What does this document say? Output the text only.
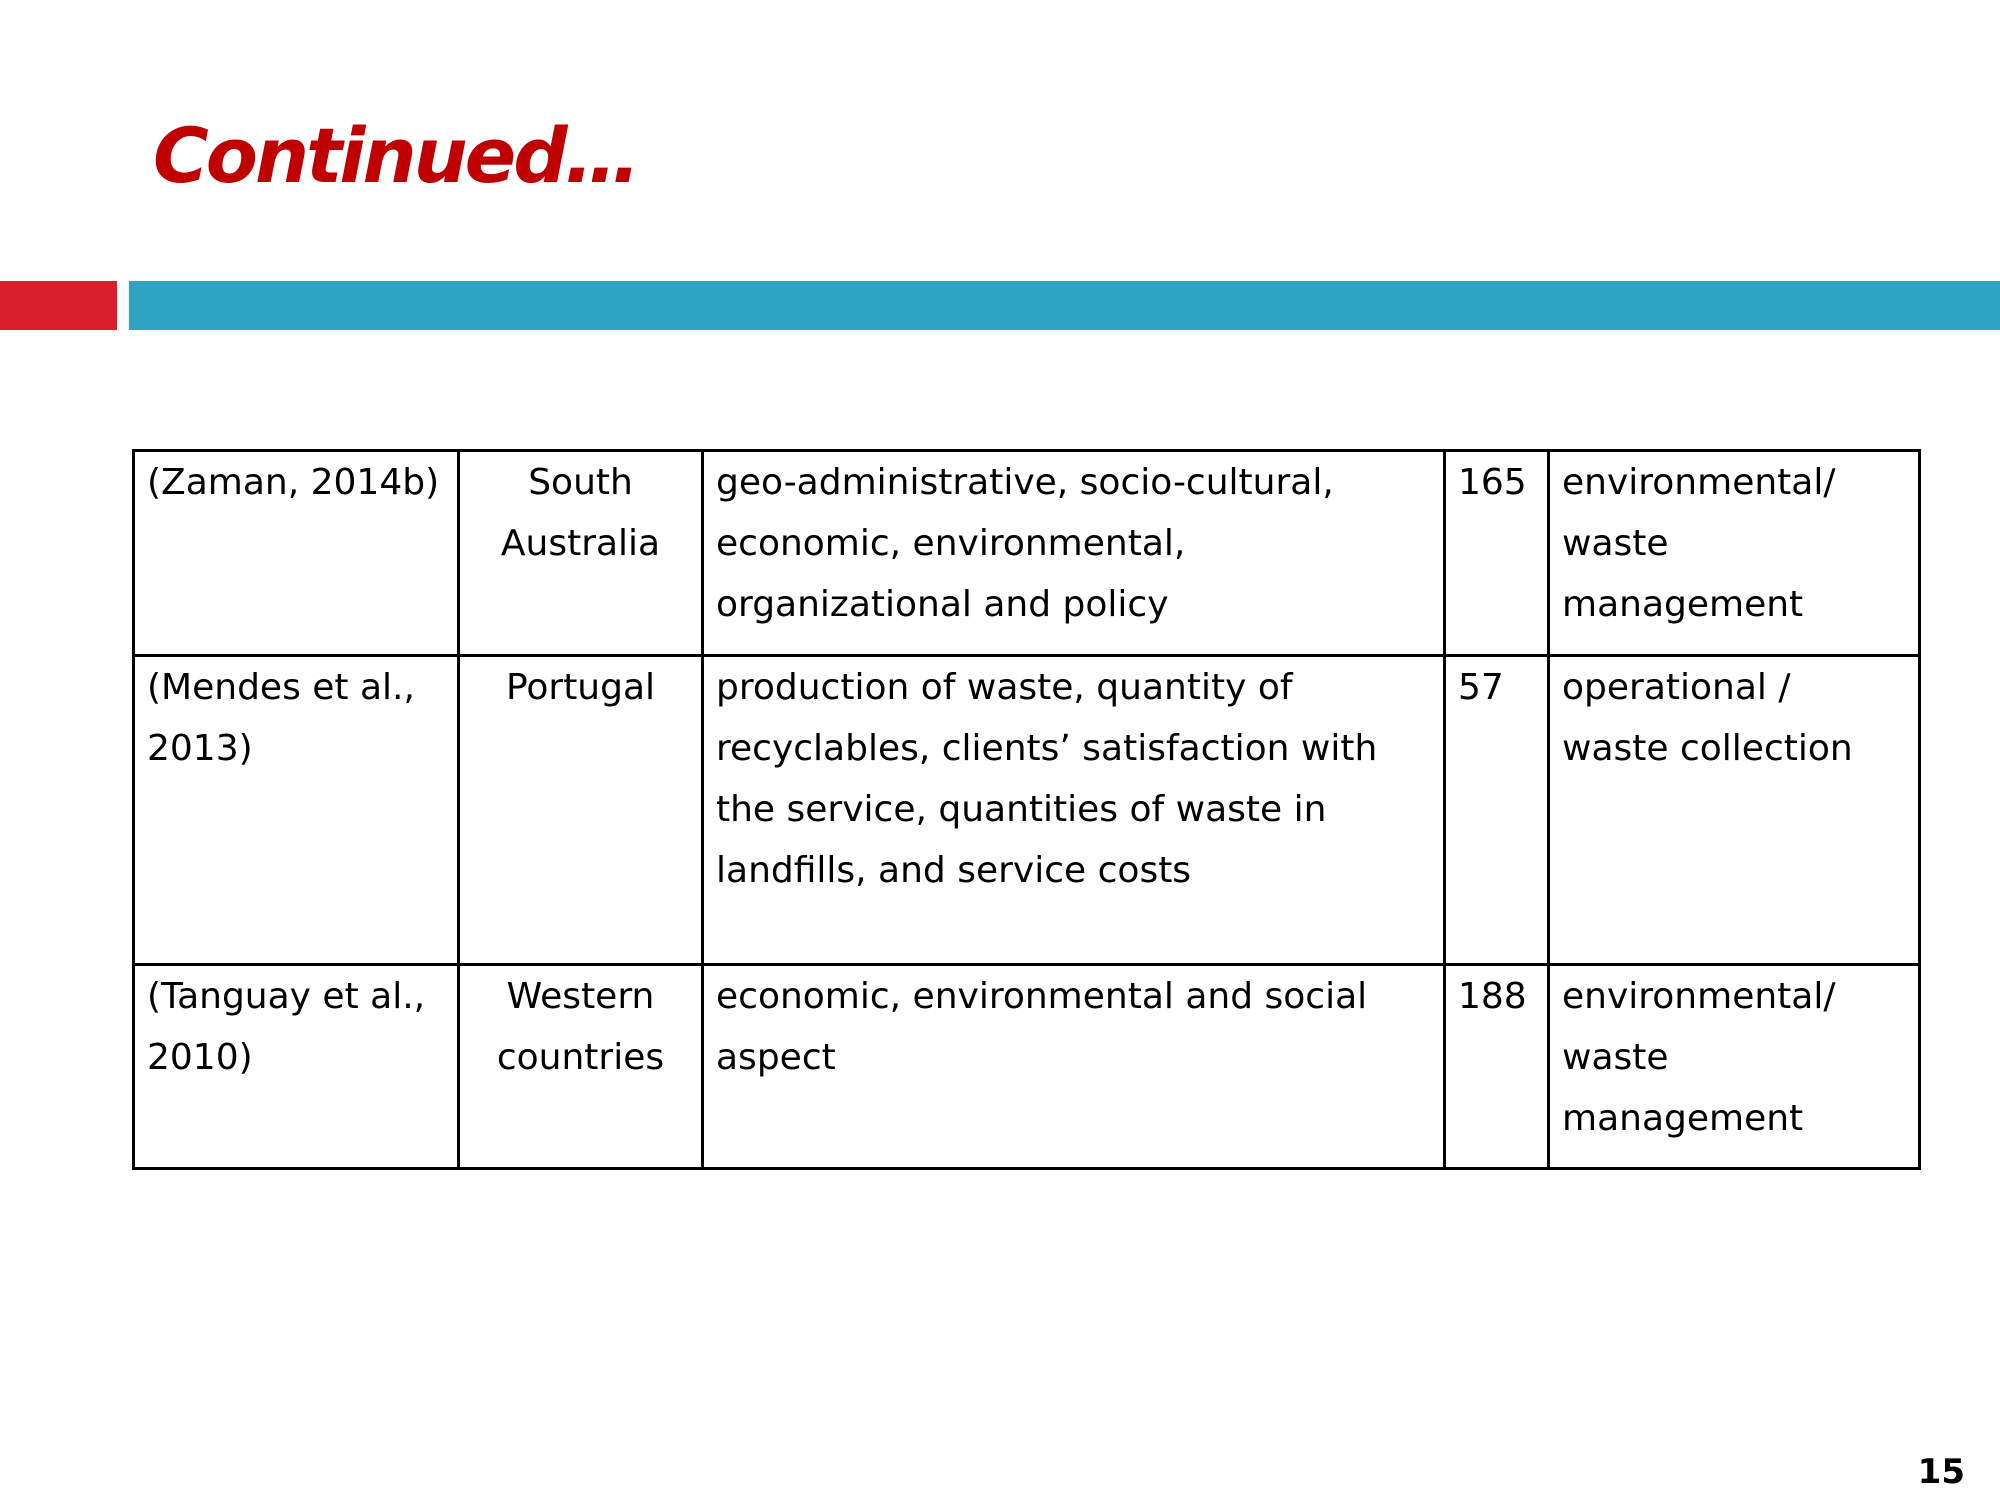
Continued…
(Zaman, 2014b)	South Australia	geo-administrative, socio-cultural, economic, environmental, organizational and policy	165	environmental/ waste management
(Mendes et al., 2013)	Portugal	production of waste, quantity of recyclables, clients’ satisfaction with the service, quantities of waste in landfills, and service costs	57	operational / waste collection
(Tanguay et al., 2010)	Western countries	economic, environmental and social aspect	188	environmental/ waste management
15
